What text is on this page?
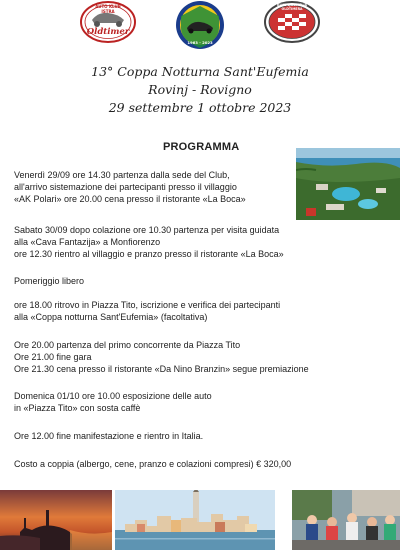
AUTO KLUB ISTRA
Oldtimer
1963 - 2023
KLUB LJUBITELJA OLDTIMERA
13° Coppa Notturna Sant'Eufemia
Rovinj - Rovigno
29 settembre 1 ottobre 2023
PROGRAMMA
Venerdì 29/09 ore 14.30 partenza dalla sede del Club,
all'arrivo sistemazione dei partecipanti presso il villaggio
«AK Polari» ore 20.00 cena presso il ristorante «La Boca»
Sabato 30/09 dopo colazione ore 10.30 partenza per visita guidata
alla «Cava Fantazija» a Monfiorenzo
ore 12.30 rientro al villaggio e pranzo presso il ristorante «La Boca»
Pomeriggio libero
ore 18.00 ritrovo in Piazza Tito, iscrizione e verifica dei partecipanti
alla «Coppa notturna Sant'Eufemia» (facoltativa)
Ore 20.00 partenza del primo concorrente da Piazza Tito
Ore 21.00 fine gara
Ore 21.30 cena presso il ristorante «Da Nino Branzin» segue premiazione
Domenica 01/10 ore 10.00 esposizione delle auto
in «Piazza Tito» con sosta caffè
Ore 12.00 fine manifestazione e rientro in Italia.
Costo a coppia (albergo, cene, pranzo e colazioni compresi) € 320,00
